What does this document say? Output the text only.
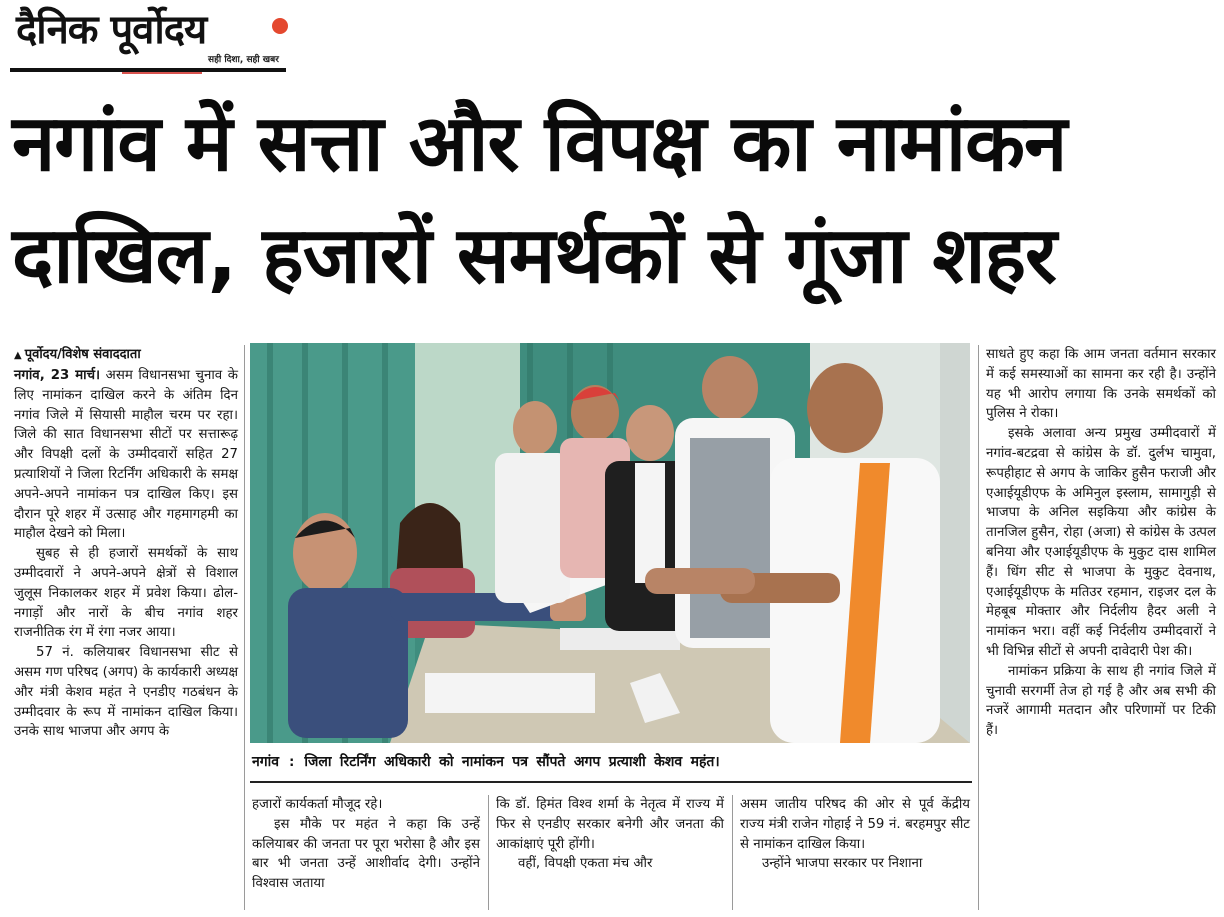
दैनिक पूर्वोदय
सही दिशा, सही खबर
नगांव में सत्ता और विपक्ष का नामांकन
दाखिल, हजारों समर्थकों से गूंजा शहर
▲ पूर्वोदय/विशेष संवाददाता

नगांव, 23 मार्च। असम विधानसभा चुनाव के लिए नामांकन दाखिल करने के अंतिम दिन नगांव जिले में सियासी माहौल चरम पर रहा। जिले की सात विधानसभा सीटों पर सत्तारूढ़ और विपक्षी दलों के उम्मीदवारों सहित 27 प्रत्याशियों ने जिला रिटर्निंग अधिकारी के समक्ष अपने-अपने नामांकन पत्र दाखिल किए। इस दौरान पूरे शहर में उत्साह और गहमागहमी का माहौल देखने को मिला।

सुबह से ही हजारों समर्थकों के साथ उम्मीदवारों ने अपने-अपने क्षेत्रों से विशाल जुलूस निकालकर शहर में प्रवेश किया। ढोल-नगाड़ों और नारों के बीच नगांव शहर राजनीतिक रंग में रंगा नजर आया।

57 नं. कलियाबर विधानसभा सीट से असम गण परिषद (अगप) के कार्यकारी अध्यक्ष और मंत्री केशव महंत ने एनडीए गठबंधन के उम्मीदवार के रूप में नामांकन दाखिल किया। उनके साथ भाजपा और अगप के

नगांव : जिला रिटर्निंग अधिकारी को नामांकन पत्र सौंपते अगप प्रत्याशी केशव महंत।

हजारों कार्यकर्ता मौजूद रहे।

इस मौके पर महंत ने कहा कि उन्हें कलियाबर की जनता पर पूरा भरोसा है और इस बार भी जनता उन्हें आशीर्वाद देगी। उन्होंने विश्वास जताया

कि डॉ. हिमंत विश्व शर्मा के नेतृत्व में राज्य में फिर से एनडीए सरकार बनेगी और जनता की आकांक्षाएं पूरी होंगी।

वहीं, विपक्षी एकता मंच और

असम जातीय परिषद की ओर से पूर्व केंद्रीय राज्य मंत्री राजेन गोहाई ने 59 नं. बरहमपुर सीट से नामांकन दाखिल किया।

उन्होंने भाजपा सरकार पर निशाना

साधते हुए कहा कि आम जनता वर्तमान सरकार में कई समस्याओं का सामना कर रही है। उन्होंने यह भी आरोप लगाया कि उनके समर्थकों को पुलिस ने रोका।

इसके अलावा अन्य प्रमुख उम्मीदवारों में नगांव-बटद्रवा से कांग्रेस के डॉ. दुर्लभ चामुवा, रूपहीहाट से अगप के जाकिर हुसैन फराजी और एआईयूडीएफ के अमिनुल इस्लाम, सामागुड़ी से भाजपा के अनिल सइकिया और कांग्रेस के तानजिल हुसैन, रोहा (अजा) से कांग्रेस के उत्पल बनिया और एआईयूडीएफ के मुकुट दास शामिल हैं। धिंग सीट से भाजपा के मुकुट देवनाथ, एआईयूडीएफ के मतिउर रहमान, राइजर दल के मेहबूब मोक्तार और निर्दलीय हैदर अली ने नामांकन भरा। वहीं कई निर्दलीय उम्मीदवारों ने भी विभिन्न सीटों से अपनी दावेदारी पेश की।

नामांकन प्रक्रिया के साथ ही नगांव जिले में चुनावी सरगर्मी तेज हो गई है और अब सभी की नजरें आगामी मतदान और परिणामों पर टिकी हैं।
